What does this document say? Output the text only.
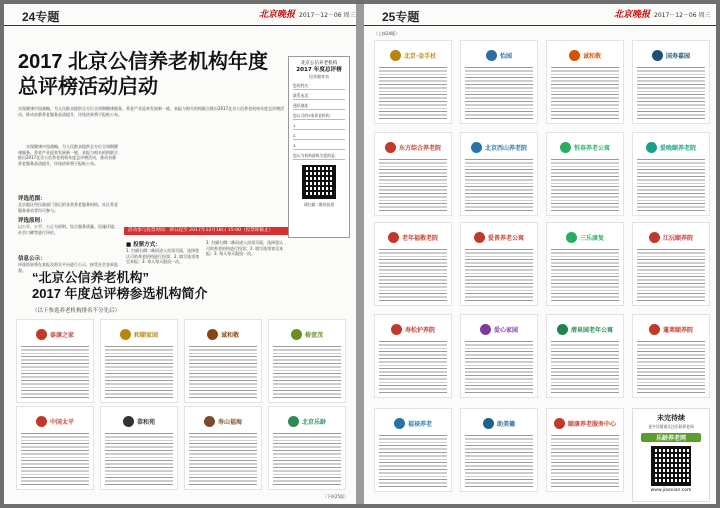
24专题	北京晚报 2017－12－06 周三
2017 北京公信养老机构年度总评榜活动启动
实现健康中国战略，为人民群众提供全方位全周期健康服务。养老产业迎来发展新一轮，本报与相关机构联合推出2017北京公信养老机构年度总评榜活动，推动首都养老服务品质提升，评选结果将于报纸公布。
实现健康中国战略，为人民群众提供全方位全周期健康服务。养老产业迎来发展新一轮，本报与相关机构联合推出2017北京公信养老机构年度总评榜活动，推动首都养老服务品质提升，评选结果将于报纸公布。
评选范围：
北京地区经民政部门登记的各类养老服务机构、社区养老服务驿站等均可参与。
评选原则：
以公开、公平、公正为原则，综合服务质量、设施环境、社会口碑等进行评价。
信息公示：
评选结果将在本报及相关平台进行公示，接受社会各界监督。
活动参与投票时间：即日起至 2017年12月18日 15:00（投票即截止）
■ 投票方式：
1. 扫描右侧二维码进入投票页面，选择您认可的养老机构进行投票；2. 填写选票寄至本报；3. 每人每天限投一次。
1. 扫描右侧二维码进入投票页面，选择您认可的养老机构进行投票；2. 填写选票寄至本报；3. 每人每天限投一次。
北京公信养老机构
2017 年度总评榜
投票邮寄表
您的姓名：
联系电话：
通讯地址：
您认可的3家养老机构：
1.
2.
3.
您认为机构最吸引您的是：
请扫描二维码投票
“北京公信养老机构”
2017 年度总评榜参选机构简介
（以下参选养老机构排名不分先后）
泰康之家	和颐家园	诚和敬	椿萱茂
中国太平	恭和苑	寿山福海	北京乐龄
（下转25版）
25专题	北京晚报 2017－12－06 周三
（上接24版）
北京·金手杖	怡园	诚和敬	国寿嘉园
东方综合养老院	北京西山养老院	恒春养老公寓	爱晚颐养老院
老年福敬老院	爱普养老公寓	三乐康复	江沅颐养院
寿松护养院	爱心家园	清泉园老年公寓	蓬莱颐养院
福禄养老	助美德	颐康养老服务中心
未完待续
更多详情请关注乐龄养老网
乐龄养老网
www.jiaonian.com
